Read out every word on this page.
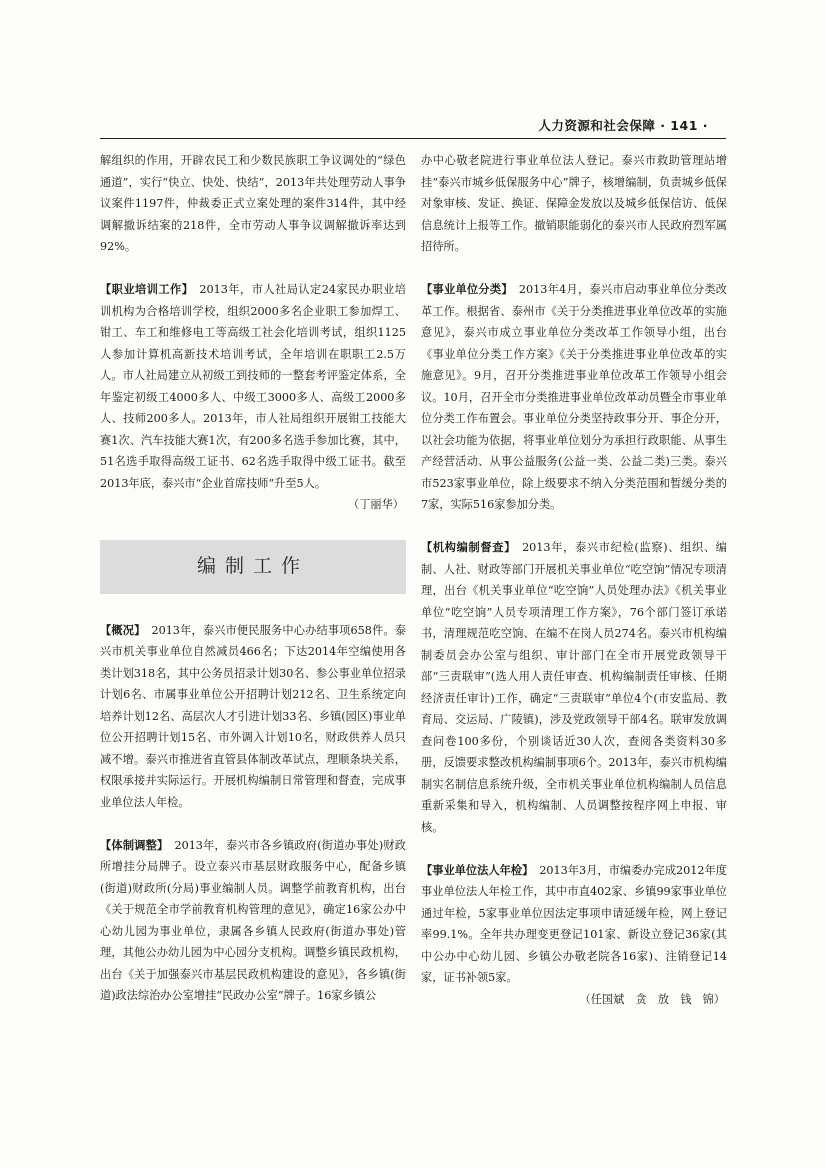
人力资源和社会保障 · 141 ·

解组织的作用，开辟农民工和少数民族职工争议调处的“绿色通道”，实行“快立、快处、快结”，2013年共处理劳动人事争议案件1197件，仲裁委正式立案处理的案件314件，其中经调解撤诉结案的218件，全市劳动人事争议调解撤诉率达到92%。

【职业培训工作】 2013年，市人社局认定24家民办职业培训机构为合格培训学校，组织2000多名企业职工参加焊工、钳工、车工和维修电工等高级工社会化培训考试，组织1125人参加计算机高新技术培训考试，全年培训在职职工2.5万人。市人社局建立从初级工到技师的一整套考评鉴定体系，全年鉴定初级工4000多人、中级工3000多人、高级工2000多人、技师200多人。2013年，市人社局组织开展钳工技能大赛1次、汽车技能大赛1次，有200多名选手参加比赛，其中，51名选手取得高级工证书、62名选手取得中级工证书。截至2013年底，泰兴市“企业首席技师”升至5人。
（丁丽华）

编制工作

【概况】 2013年，泰兴市便民服务中心办结事项658件。泰兴市机关事业单位自然减员466名；下达2014年空编使用各类计划318名，其中公务员招录计划30名、参公事业单位招录计划6名、市属事业单位公开招聘计划212名、卫生系统定向培养计划12名、高层次人才引进计划33名、乡镇(园区)事业单位公开招聘计划15名、市外调入计划10名，财政供养人员只减不增。泰兴市推进省直管县体制改革试点，理顺条块关系，权限承接并实际运行。开展机构编制日常管理和督查，完成事业单位法人年检。

【体制调整】 2013年，泰兴市各乡镇政府(街道办事处)财政所增挂分局牌子。设立泰兴市基层财政服务中心，配备乡镇(街道)财政所(分局)事业编制人员。调整学前教育机构，出台《关于规范全市学前教育机构管理的意见》，确定16家公办中心幼儿园为事业单位，隶属各乡镇人民政府(街道办事处)管理，其他公办幼儿园为中心园分支机构。调整乡镇民政机构，出台《关于加强泰兴市基层民政机构建设的意见》，各乡镇(街道)政法综治办公室增挂“民政办公室”牌子。16家乡镇公

办中心敬老院进行事业单位法人登记。泰兴市救助管理站增挂“泰兴市城乡低保服务中心”牌子，核增编制，负责城乡低保对象审核、发证、换证、保障金发放以及城乡低保信访、低保信息统计上报等工作。撤销职能弱化的泰兴市人民政府烈军属招待所。

【事业单位分类】 2013年4月，泰兴市启动事业单位分类改革工作。根据省、泰州市《关于分类推进事业单位改革的实施意见》，泰兴市成立事业单位分类改革工作领导小组，出台《事业单位分类工作方案》《关于分类推进事业单位改革的实施意见》。9月，召开分类推进事业单位改革工作领导小组会议。10月，召开全市分类推进事业单位改革动员暨全市事业单位分类工作布置会。事业单位分类坚持政事分开、事企分开，以社会功能为依据，将事业单位划分为承担行政职能、从事生产经营活动、从事公益服务(公益一类、公益二类)三类。泰兴市523家事业单位，除上级要求不纳入分类范围和暂缓分类的7家，实际516家参加分类。

【机构编制督查】 2013年，泰兴市纪检(监察)、组织、编制、人社、财政等部门开展机关事业单位“吃空饷”情况专项清理，出台《机关事业单位“吃空饷”人员处理办法》《机关事业单位“吃空饷”人员专项清理工作方案》，76个部门签订承诺书，清理规范吃空饷、在编不在岗人员274名。泰兴市机构编制委员会办公室与组织、审计部门在全市开展党政领导干部“三责联审”(选人用人责任审查、机构编制责任审核、任期经济责任审计)工作，确定“三责联审”单位4个(市安监局、教育局、交运局、广陵镇)，涉及党政领导干部4名。联审发放调查问卷100多份，个别谈话近30人次，查阅各类资料30多册，反馈要求整改机构编制事项6个。2013年，泰兴市机构编制实名制信息系统升级，全市机关事业单位机构编制人员信息重新采集和导入，机构编制、人员调整按程序网上申报、审核。

【事业单位法人年检】 2013年3月，市编委办完成2012年度事业单位法人年检工作，其中市直402家、乡镇99家事业单位通过年检，5家事业单位因法定事项申请延缓年检，网上登记率99.1%。全年共办理变更登记101家、新设立登记36家(其中公办中心幼儿园、乡镇公办敬老院各16家)、注销登记14家，证书补领5家。
（任国斌　贪　放　钱　锦）
